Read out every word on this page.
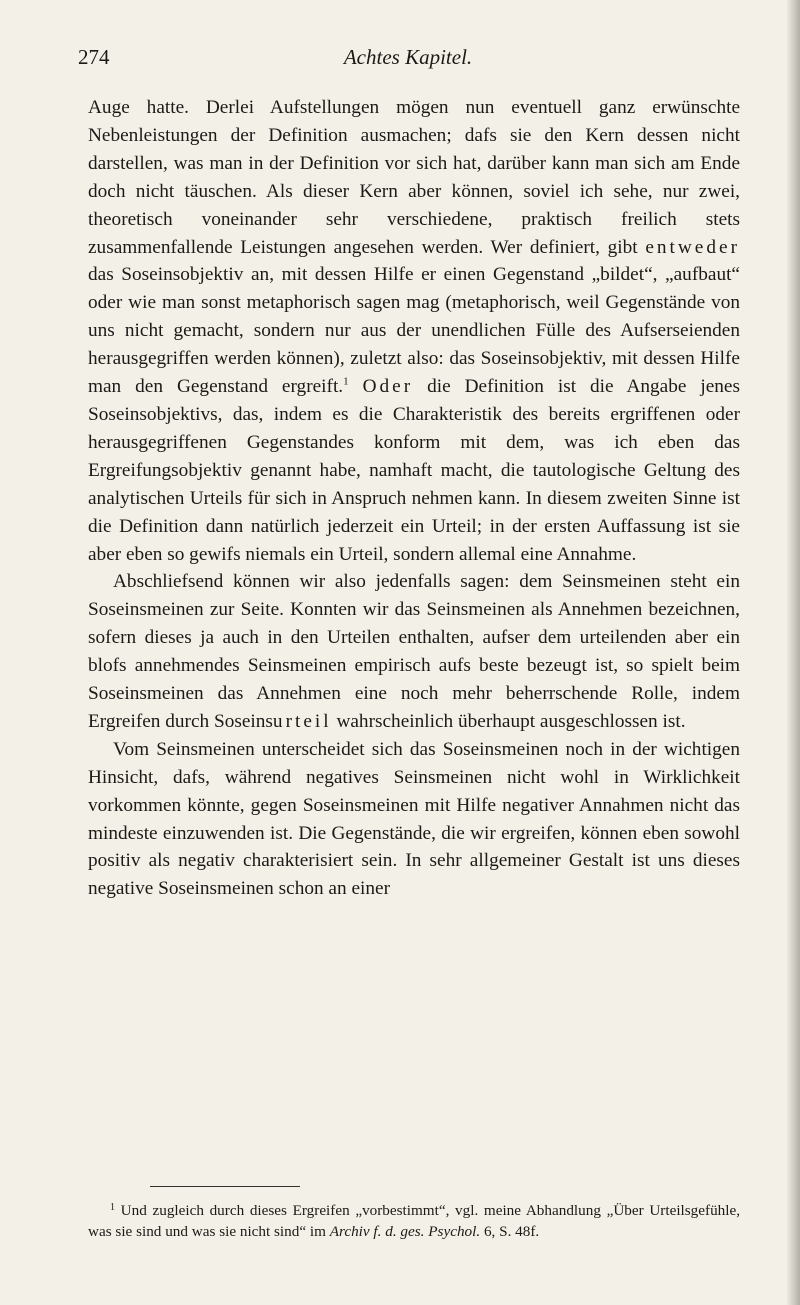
274	Achtes Kapitel.

Auge hatte. Derlei Aufstellungen mögen nun eventuell ganz erwünschte Nebenleistungen der Definition ausmachen; dafs sie den Kern dessen nicht darstellen, was man in der Definition vor sich hat, darüber kann man sich am Ende doch nicht täuschen. Als dieser Kern aber können, soviel ich sehe, nur zwei, theoretisch voneinander sehr verschiedene, praktisch freilich stets zusammenfallende Leistungen angesehen werden. Wer definiert, gibt entweder das Soseinsobjektiv an, mit dessen Hilfe er einen Gegenstand „bildet“, „aufbaut“ oder wie man sonst metaphorisch sagen mag (metaphorisch, weil Gegenstände von uns nicht gemacht, sondern nur aus der unendlichen Fülle des Aufserseienden herausgegriffen werden können), zuletzt also: das Soseinsobjektiv, mit dessen Hilfe man den Gegenstand ergreift.$^1$ Oder die Definition ist die Angabe jenes Soseinsobjektivs, das, indem es die Charakteristik des bereits ergriffenen oder herausgegriffenen Gegenstandes konform mit dem, was ich eben das Ergreifungsobjektiv genannt habe, namhaft macht, die tautologische Geltung des analytischen Urteils für sich in Anspruch nehmen kann. In diesem zweiten Sinne ist die Definition dann natürlich jederzeit ein Urteil; in der ersten Auffassung ist sie aber eben so gewifs niemals ein Urteil, sondern allemal eine Annahme.

Abschliefsend können wir also jedenfalls sagen: dem Seinsmeinen steht ein Soseinsmeinen zur Seite. Konnten wir das Seinsmeinen als Annehmen bezeichnen, sofern dieses ja auch in den Urteilen enthalten, aufser dem urteilenden aber ein blofs annehmendes Seinsmeinen empirisch aufs beste bezeugt ist, so spielt beim Soseinsmeinen das Annehmen eine noch mehr beherrschende Rolle, indem Ergreifen durch Soseinsurteil wahrscheinlich überhaupt ausgeschlossen ist.

Vom Seinsmeinen unterscheidet sich das Soseinsmeinen noch in der wichtigen Hinsicht, dafs, während negatives Seinsmeinen nicht wohl in Wirklichkeit vorkommen könnte, gegen Soseinsmeinen mit Hilfe negativer Annahmen nicht das mindeste einzuwenden ist. Die Gegenstände, die wir ergreifen, können eben sowohl positiv als negativ charakterisiert sein. In sehr allgemeiner Gestalt ist uns dieses negative Soseinsmeinen schon an einer

$^1$ Und zugleich durch dieses Ergreifen „vorbestimmt“, vgl. meine Abhandlung „Über Urteilsgefühle, was sie sind und was sie nicht sind“ im Archiv f. d. ges. Psychol. 6, S. 48f.
